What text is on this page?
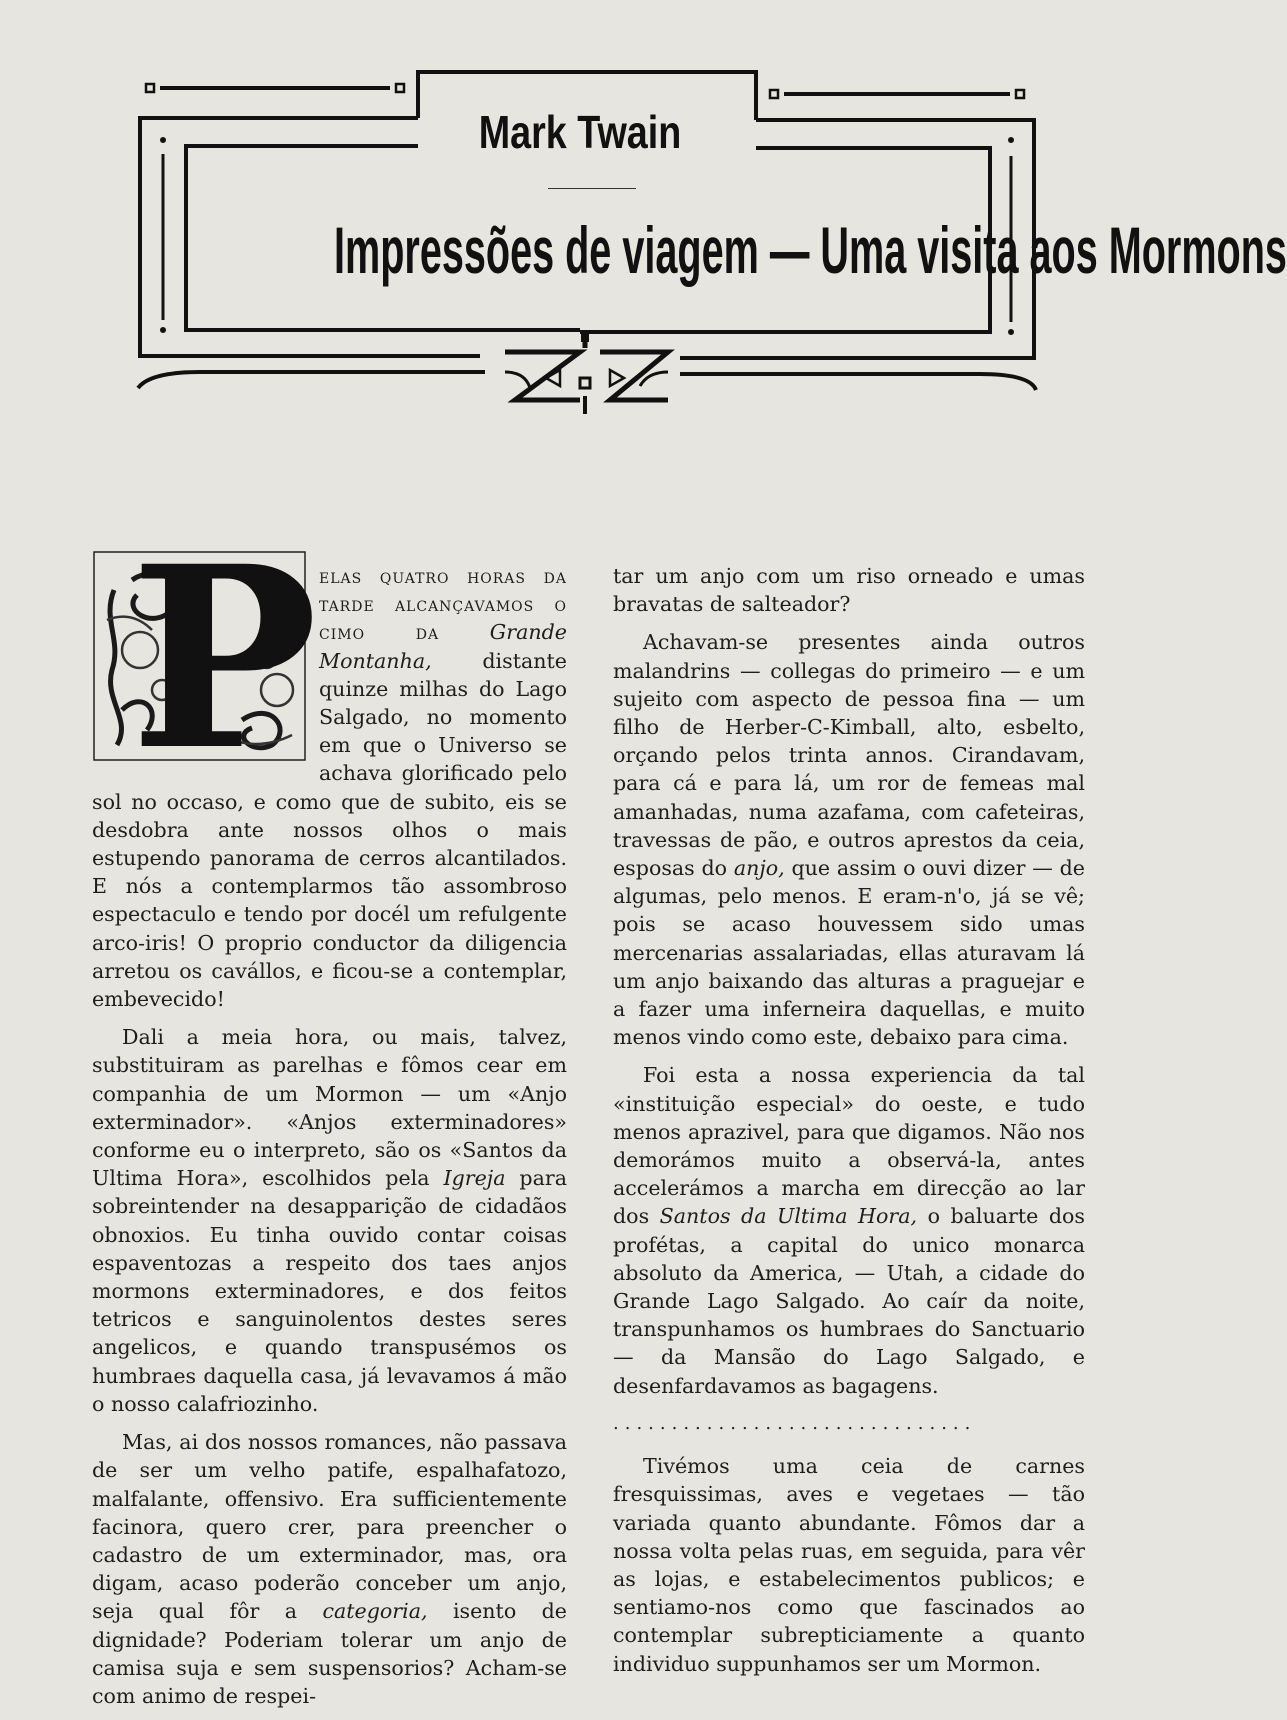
Mark Twain
Impressões de viagem — Uma visita aos Mormons

P elas quatro horas da tarde alcançavamos o cimo da Grande Montanha, distante quinze milhas do Lago Salgado, no momento em que o Universo se achava glorificado pelo sol no occaso, e como que de subito, eis se desdobra ante nossos olhos o mais estupendo panorama de cerros alcantilados. E nós a contemplarmos tão assombroso espectaculo e tendo por docél um refulgente arco-iris! O proprio conductor da diligencia arretou os cavállos, e ficou-se a contemplar, embevecido!

Dali a meia hora, ou mais, talvez, substituiram as parelhas e fômos cear em companhia de um Mormon — um «Anjo exterminador». «Anjos exterminadores» conforme eu o interpreto, são os «Santos da Ultima Hora», escolhidos pela Igreja para sobreintender na desapparição de cidadãos obnoxios. Eu tinha ouvido contar coisas espaventozas a respeito dos taes anjos mormons exterminadores, e dos feitos tetricos e sanguinolentos destes seres angelicos, e quando transpusémos os humbraes daquella casa, já levavamos á mão o nosso calafriozinho.

Mas, ai dos nossos romances, não passava de ser um velho patife, espalhafatozo, malfalante, offensivo. Era sufficientemente facinora, quero crer, para preencher o cadastro de um exterminador, mas, ora digam, acaso poderão conceber um anjo, seja qual fôr a categoria, isento de dignidade? Poderiam tolerar um anjo de camisa suja e sem suspensorios? Acham-se com animo de respei-

tar um anjo com um riso orneado e umas bravatas de salteador?

Achavam-se presentes ainda outros malandrins — collegas do primeiro — e um sujeito com aspecto de pessoa fina — um filho de Herber-C-Kimball, alto, esbelto, orçando pelos trinta annos. Cirandavam, para cá e para lá, um ror de femeas mal amanhadas, numa azafama, com cafeteiras, travessas de pão, e outros aprestos da ceia, esposas do anjo, que assim o ouvi dizer — de algumas, pelo menos. E eram-n'o, já se vê; pois se acaso houvessem sido umas mercenarias assalariadas, ellas aturavam lá um anjo baixando das alturas a praguejar e a fazer uma inferneira daquellas, e muito menos vindo como este, debaixo para cima.

Foi esta a nossa experiencia da tal «instituição especial» do oeste, e tudo menos aprazivel, para que digamos. Não nos demorámos muito a observá-la, antes accelerámos a marcha em direcção ao lar dos Santos da Ultima Hora, o baluarte dos profétas, a capital do unico monarca absoluto da America, — Utah, a cidade do Grande Lago Salgado. Ao caír da noite, transpunhamos os humbraes do Sanctuario — da Mansão do Lago Salgado, e desenfardavamos as bagagens.

...............................

Tivémos uma ceia de carnes fresquissimas, aves e vegetaes — tão variada quanto abundante. Fômos dar a nossa volta pelas ruas, em seguida, para vêr as lojas, e estabelecimentos publicos; e sentiamo-nos como que fascinados ao contemplar subrepticiamente a quanto individuo suppunhamos ser um Mormon.
